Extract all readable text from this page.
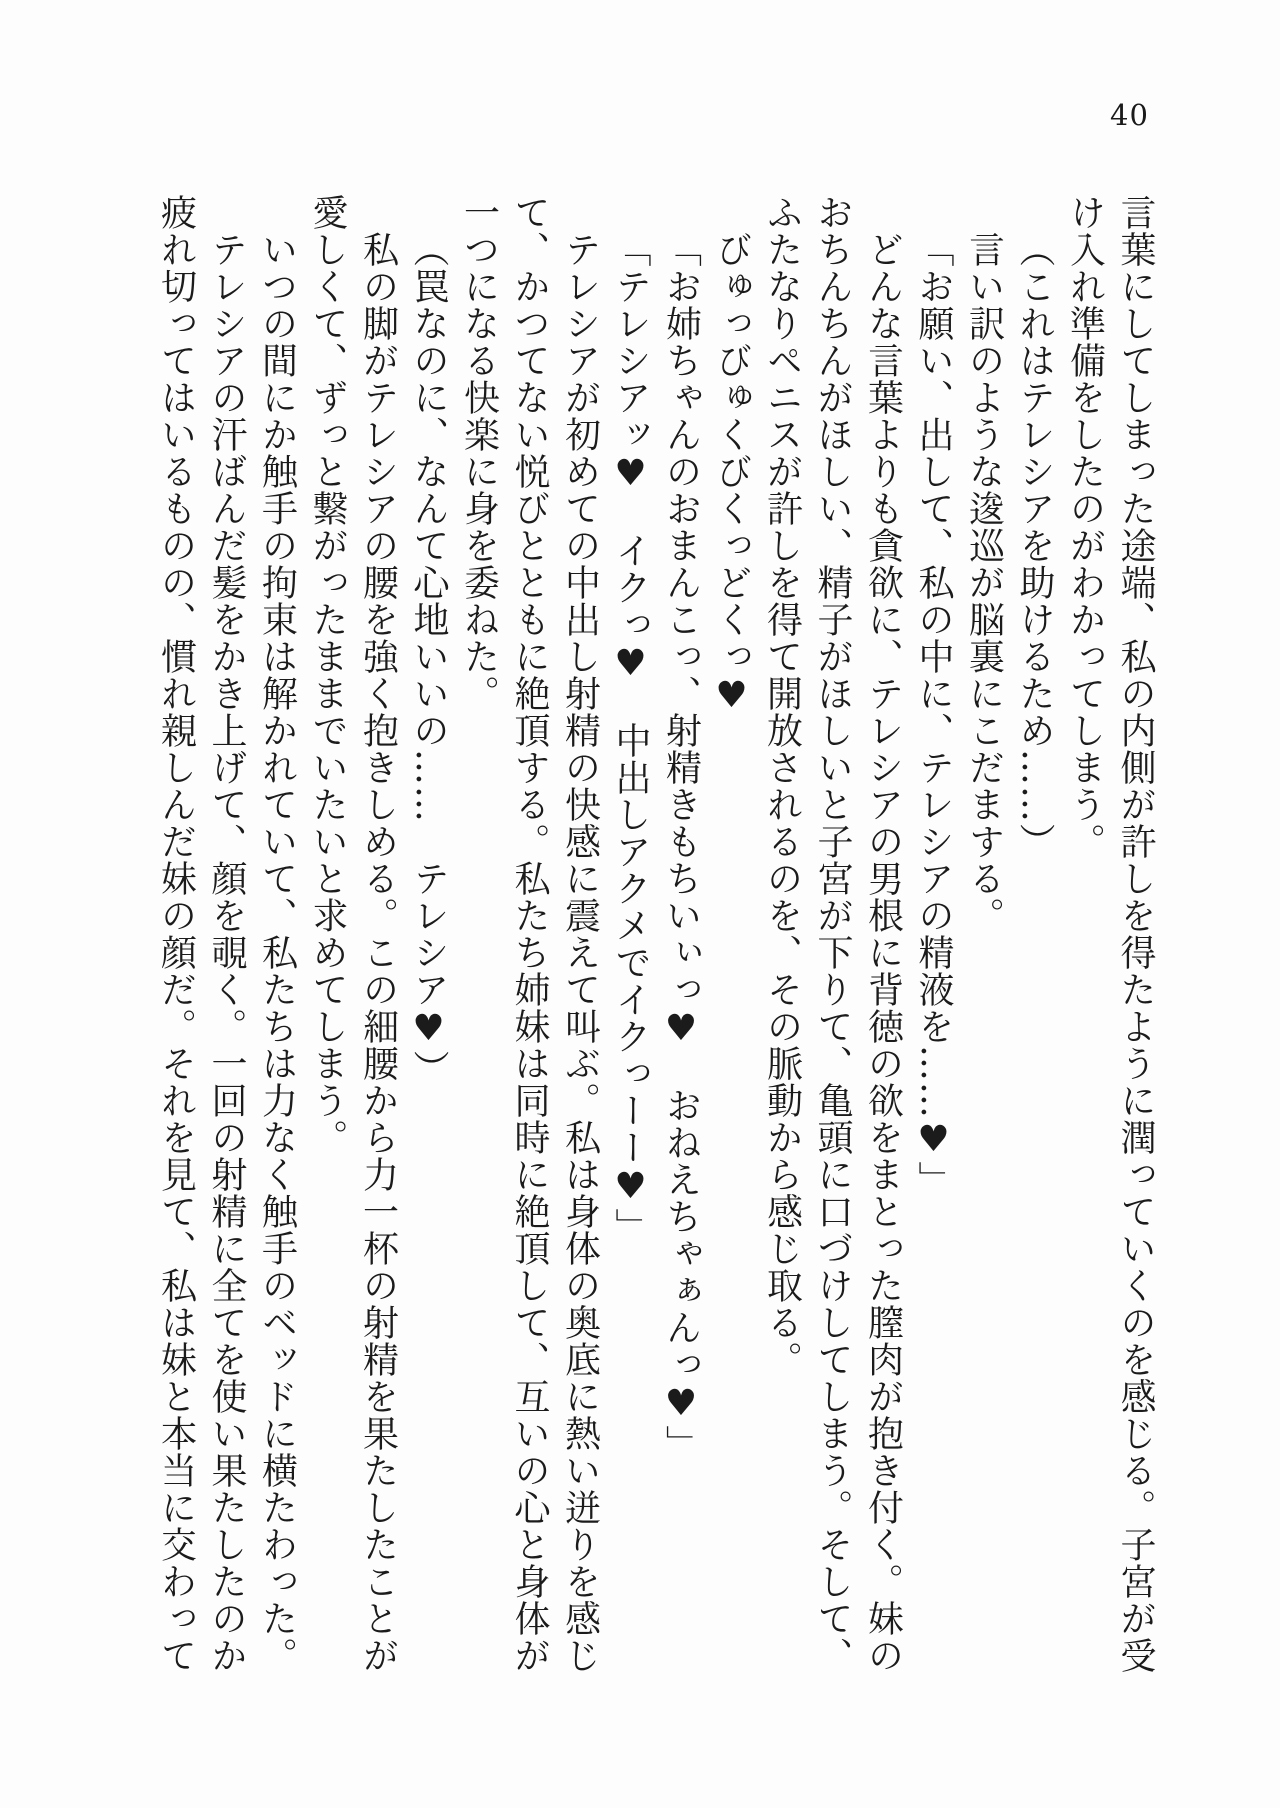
40
言葉にしてしまった途端、私の内側が許しを得たように潤っていくのを感じる。子宮が受
け入れ準備をしたのがわかってしまう。
（これはテレシアを助けるため……）
言い訳のような逡巡が脳裏にこだまする。
「お願い、出して、私の中に、テレシアの精液を……♥」
どんな言葉よりも貪欲に、テレシアの男根に背徳の欲をまとった膣肉が抱き付く。妹の
おちんちんがほしい、精子がほしいと子宮が下りて、亀頭に口づけしてしまう。そして、
ふたなりペニスが許しを得て開放されるのを、その脈動から感じ取る。
びゅっびゅくびくっどくっ♥
「お姉ちゃんのおまんこっ、射精きもちいぃっ♥　おねえちゃぁんっ♥」
「テレシアッ♥　イクっ♥　中出しアクメでイクっーー♥」
テレシアが初めての中出し射精の快感に震えて叫ぶ。私は身体の奥底に熱い迸りを感じ
て、かつてない悦びとともに絶頂する。私たち姉妹は同時に絶頂して、互いの心と身体が
一つになる快楽に身を委ねた。
（罠なのに、なんて心地いいの……　テレシア♥）
私の脚がテレシアの腰を強く抱きしめる。この細腰から力一杯の射精を果たしたことが
愛しくて、ずっと繋がったままでいたいと求めてしまう。
いつの間にか触手の拘束は解かれていて、私たちは力なく触手のベッドに横たわった。
テレシアの汗ばんだ髪をかき上げて、顔を覗く。一回の射精に全てを使い果たしたのか
疲れ切ってはいるものの、慣れ親しんだ妹の顔だ。それを見て、私は妹と本当に交わって
